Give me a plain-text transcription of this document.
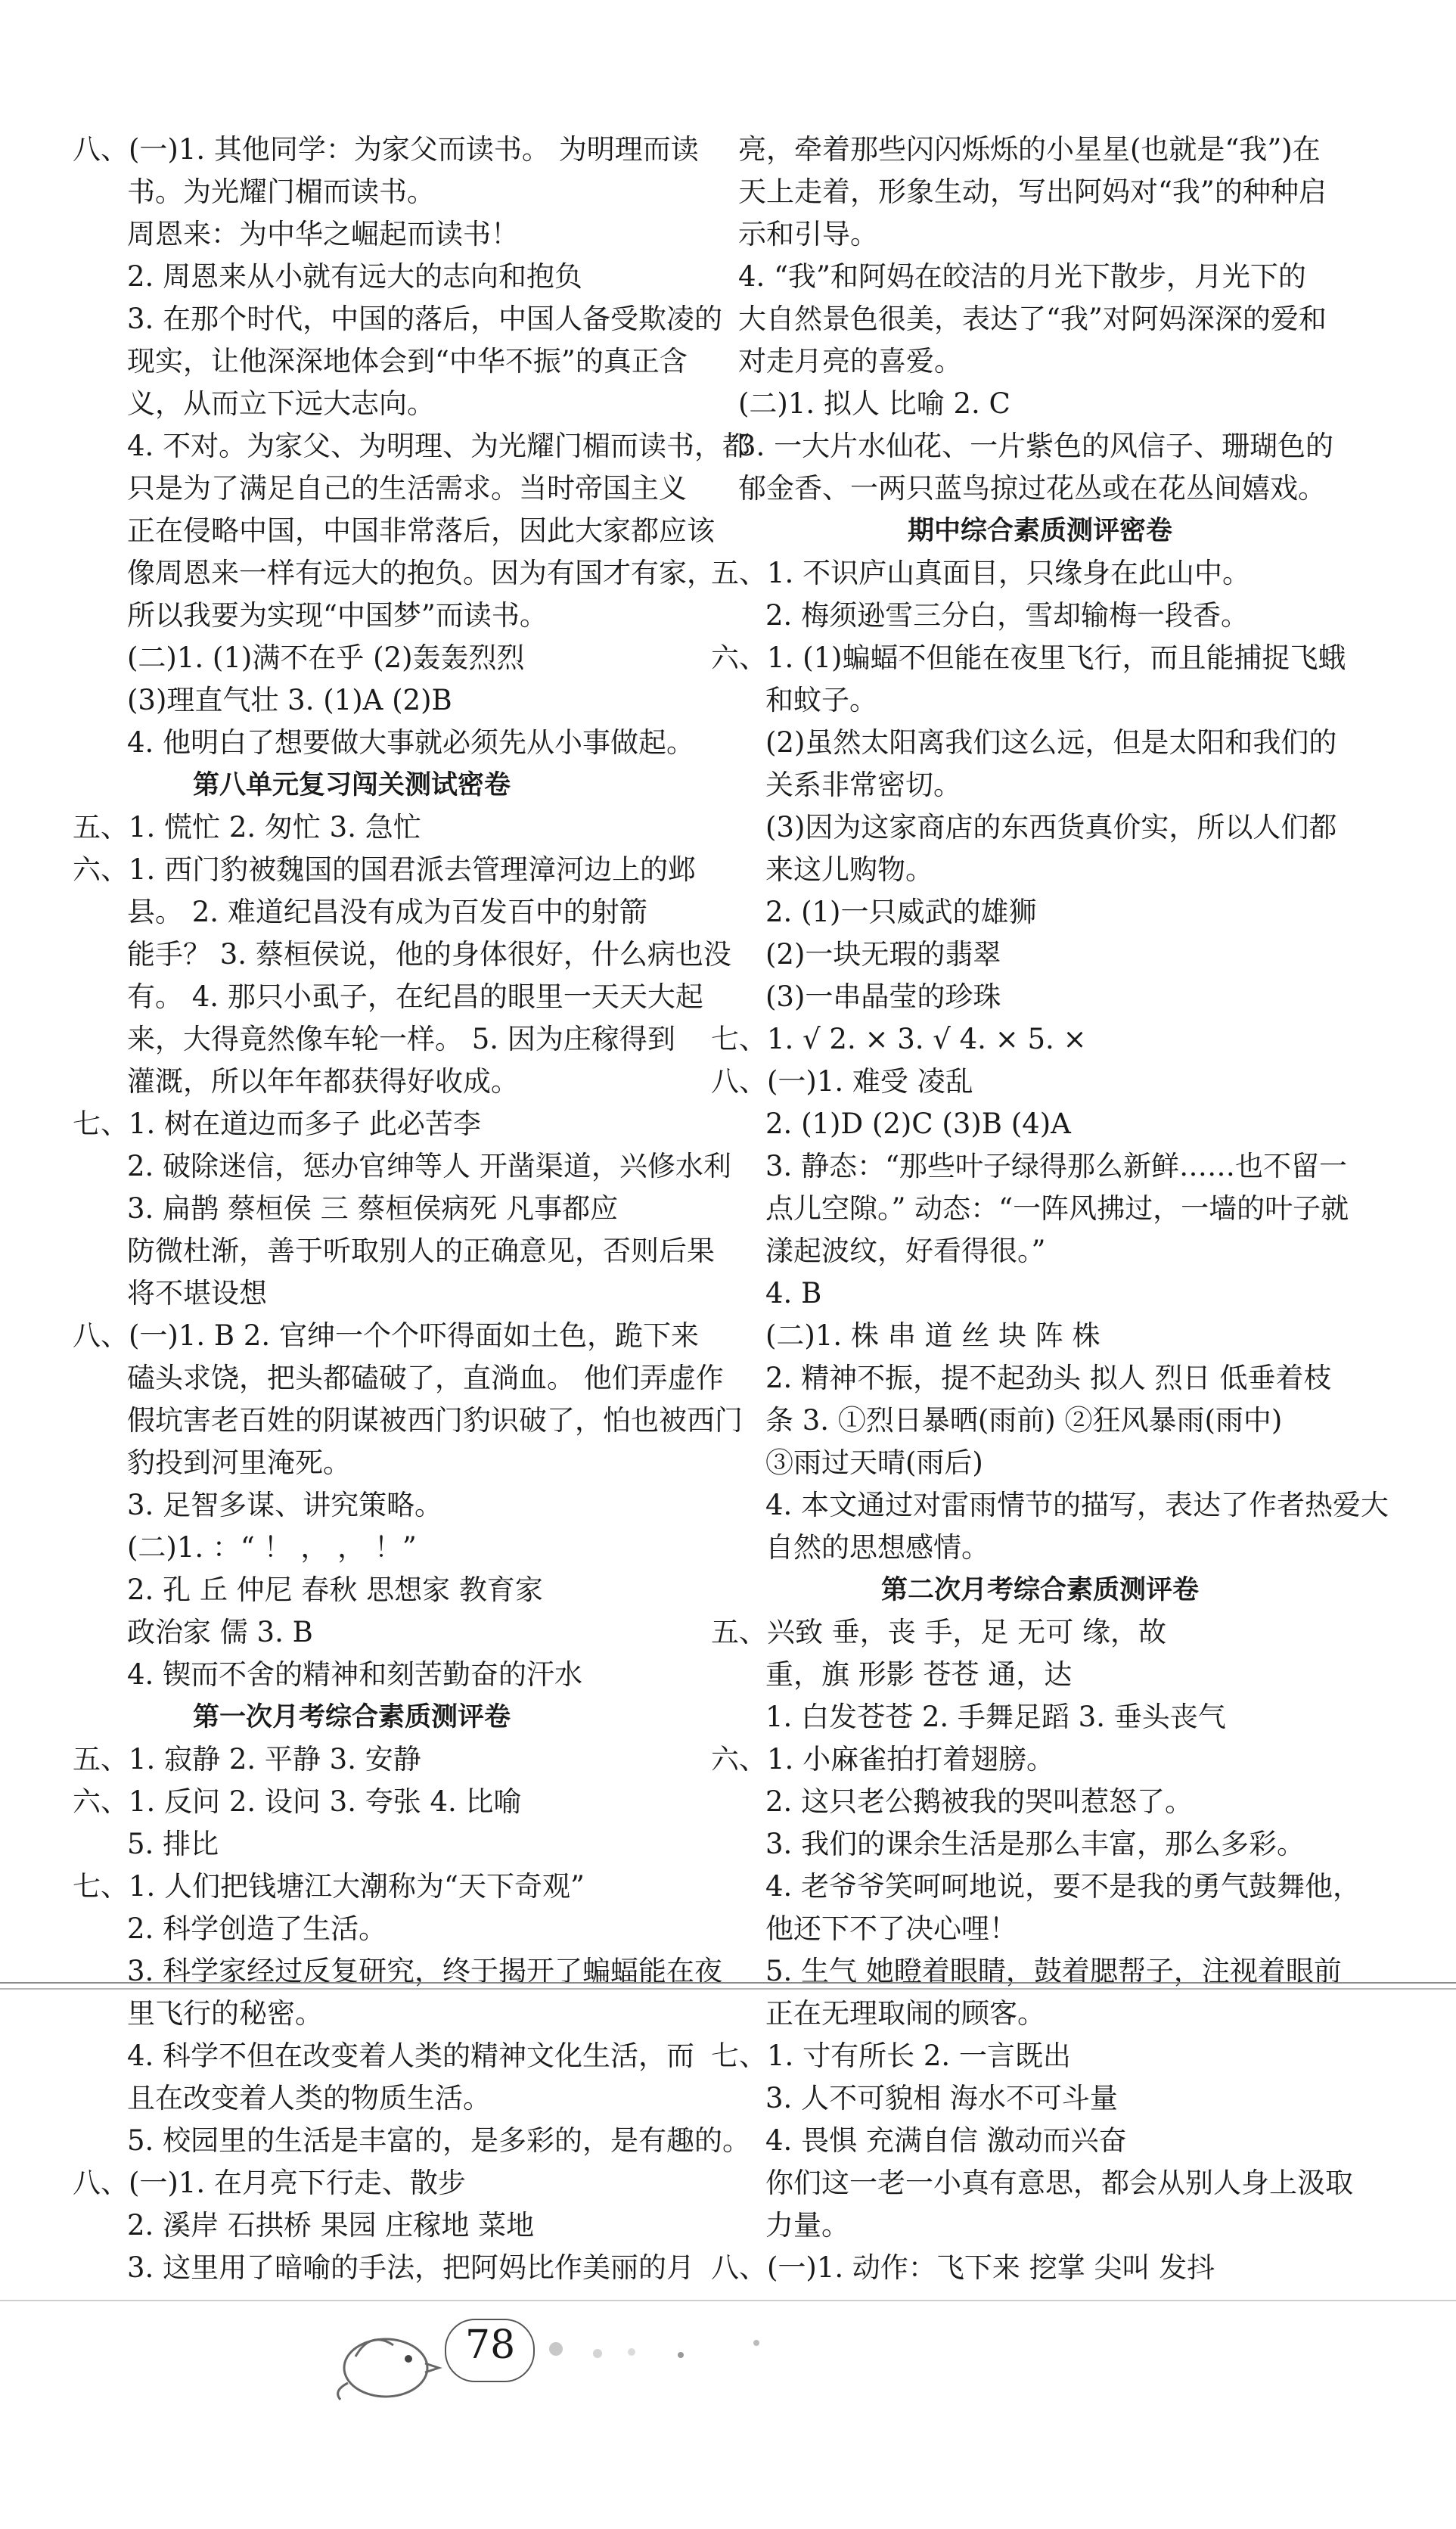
八、(一)1. 其他同学：为家父而读书。 为明理而读
书。为光耀门楣而读书。
周恩来：为中华之崛起而读书！
2. 周恩来从小就有远大的志向和抱负
3. 在那个时代，中国的落后，中国人备受欺凌的
现实，让他深深地体会到“中华不振”的真正含
义，从而立下远大志向。
4. 不对。为家父、为明理、为光耀门楣而读书，都
只是为了满足自己的生活需求。当时帝国主义
正在侵略中国，中国非常落后，因此大家都应该
像周恩来一样有远大的抱负。因为有国才有家，
所以我要为实现“中国梦”而读书。
(二)1. (1)满不在乎 (2)轰轰烈烈
(3)理直气壮 3. (1)A (2)B
4. 他明白了想要做大事就必须先从小事做起。
第八单元复习闯关测试密卷
五、1. 慌忙 2. 匆忙 3. 急忙
六、1. 西门豹被魏国的国君派去管理漳河边上的邺
县。 2. 难道纪昌没有成为百发百中的射箭
能手？ 3. 蔡桓侯说，他的身体很好，什么病也没
有。 4. 那只小虱子，在纪昌的眼里一天天大起
来，大得竟然像车轮一样。 5. 因为庄稼得到
灌溉，所以年年都获得好收成。
七、1. 树在道边而多子 此必苦李
2. 破除迷信，惩办官绅等人 开凿渠道，兴修水利
3. 扁鹊 蔡桓侯 三 蔡桓侯病死 凡事都应
防微杜渐，善于听取别人的正确意见，否则后果
将不堪设想
八、(一)1. B 2. 官绅一个个吓得面如土色，跪下来
磕头求饶，把头都磕破了，直淌血。 他们弄虚作
假坑害老百姓的阴谋被西门豹识破了，怕也被西门
豹投到河里淹死。
3. 足智多谋、讲究策略。
(二)1. ：“ ！ ， ， ！”
2. 孔 丘 仲尼 春秋 思想家 教育家
政治家 儒 3. B
4. 锲而不舍的精神和刻苦勤奋的汗水
第一次月考综合素质测评卷
五、1. 寂静 2. 平静 3. 安静
六、1. 反问 2. 设问 3. 夸张 4. 比喻
5. 排比
七、1. 人们把钱塘江大潮称为“天下奇观”
2. 科学创造了生活。
3. 科学家经过反复研究，终于揭开了蝙蝠能在夜
里飞行的秘密。
4. 科学不但在改变着人类的精神文化生活，而
且在改变着人类的物质生活。
5. 校园里的生活是丰富的，是多彩的，是有趣的。
八、(一)1. 在月亮下行走、散步
2. 溪岸 石拱桥 果园 庄稼地 菜地
3. 这里用了暗喻的手法，把阿妈比作美丽的月
亮，牵着那些闪闪烁烁的小星星(也就是“我”)在
天上走着，形象生动，写出阿妈对“我”的种种启
示和引导。
4. “我”和阿妈在皎洁的月光下散步，月光下的
大自然景色很美，表达了“我”对阿妈深深的爱和
对走月亮的喜爱。
(二)1. 拟人 比喻 2. C
3. 一大片水仙花、一片紫色的风信子、珊瑚色的
郁金香、一两只蓝鸟掠过花丛或在花丛间嬉戏。
期中综合素质测评密卷
五、1. 不识庐山真面目，只缘身在此山中。
2. 梅须逊雪三分白，雪却输梅一段香。
六、1. (1)蝙蝠不但能在夜里飞行，而且能捕捉飞蛾
和蚊子。
(2)虽然太阳离我们这么远，但是太阳和我们的
关系非常密切。
(3)因为这家商店的东西货真价实，所以人们都
来这儿购物。
2. (1)一只威武的雄狮
(2)一块无瑕的翡翠
(3)一串晶莹的珍珠
七、1. √ 2. × 3. √ 4. × 5. ×
八、(一)1. 难受 凌乱
2. (1)D (2)C (3)B (4)A
3. 静态：“那些叶子绿得那么新鲜……也不留一
点儿空隙。” 动态：“一阵风拂过，一墙的叶子就
漾起波纹，好看得很。”
4. B
(二)1. 株 串 道 丝 块 阵 株
2. 精神不振，提不起劲头 拟人 烈日 低垂着枝
条 3. ①烈日暴晒(雨前) ②狂风暴雨(雨中)
③雨过天晴(雨后)
4. 本文通过对雷雨情节的描写，表达了作者热爱大
自然的思想感情。
第二次月考综合素质测评卷
五、兴致 垂，丧 手，足 无可 缘，故
重，旗 形影 苍苍 通，达
1. 白发苍苍 2. 手舞足蹈 3. 垂头丧气
六、1. 小麻雀拍打着翅膀。
2. 这只老公鹅被我的哭叫惹怒了。
3. 我们的课余生活是那么丰富，那么多彩。
4. 老爷爷笑呵呵地说，要不是我的勇气鼓舞他，
他还下不了决心哩！
5. 生气 她瞪着眼睛，鼓着腮帮子，注视着眼前
正在无理取闹的顾客。
七、1. 寸有所长 2. 一言既出
3. 人不可貌相 海水不可斗量
4. 畏惧 充满自信 激动而兴奋
你们这一老一小真有意思，都会从别人身上汲取
力量。
八、(一)1. 动作：飞下来 挖掌 尖叫 发抖
78
